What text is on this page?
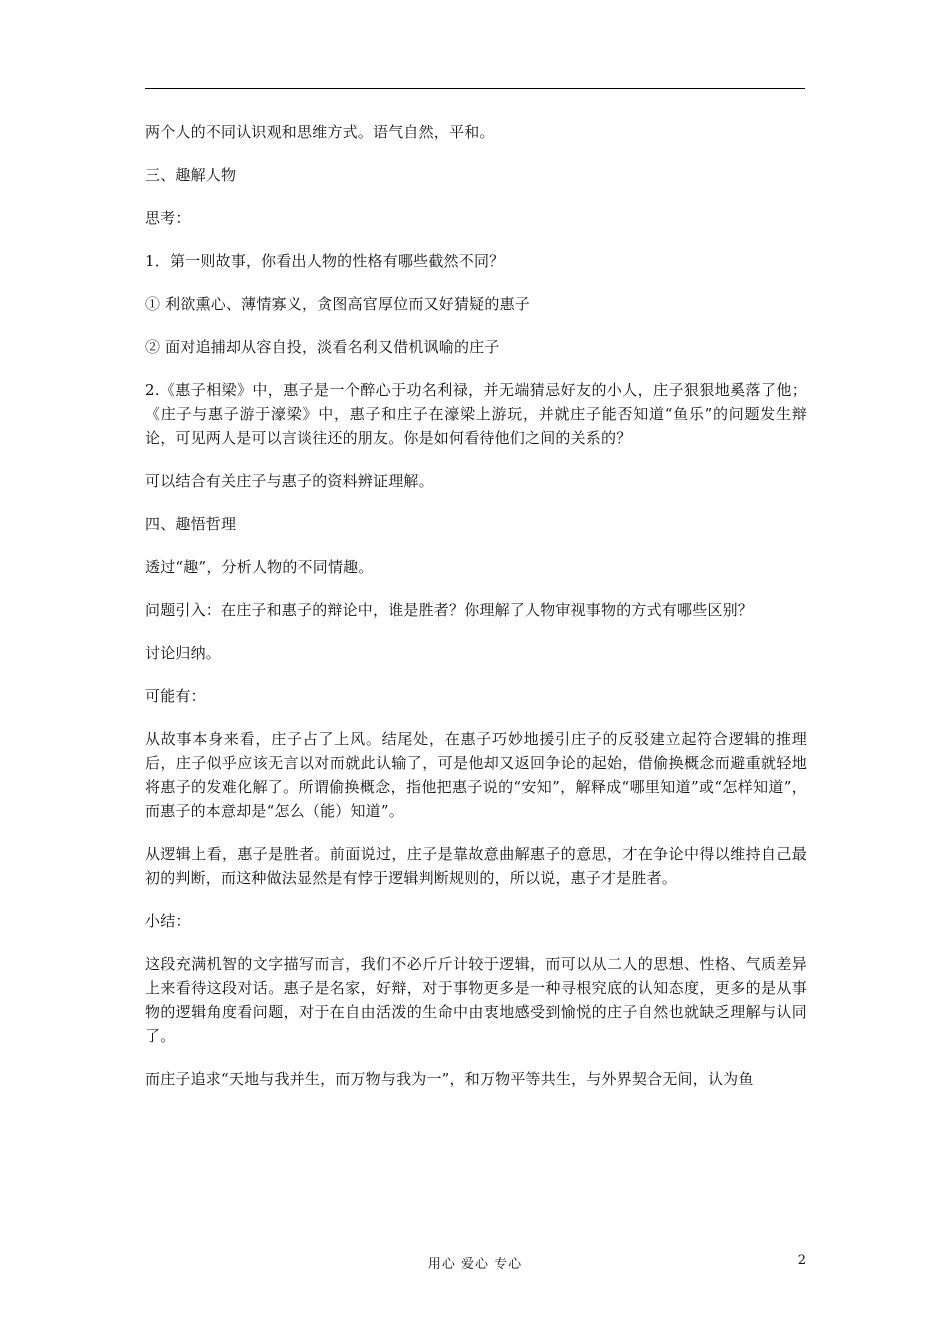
两个人的不同认识观和思维方式。语气自然，平和。

三、趣解人物

思考：

1．第一则故事，你看出人物的性格有哪些截然不同？

① 利欲熏心、薄情寡义，贪图高官厚位而又好猜疑的惠子

② 面对追捕却从容自投，淡看名利又借机讽喻的庄子

2.《惠子相梁》中，惠子是一个醉心于功名利禄，并无端猜忌好友的小人，庄子狠狠地奚落了他；《庄子与惠子游于濠梁》中，惠子和庄子在濠梁上游玩，并就庄子能否知道“鱼乐”的问题发生辩论，可见两人是可以言谈往还的朋友。你是如何看待他们之间的关系的？

可以结合有关庄子与惠子的资料辨证理解。

四、趣悟哲理

透过“趣”，分析人物的不同情趣。

问题引入：在庄子和惠子的辩论中，谁是胜者？你理解了人物审视事物的方式有哪些区别？

讨论归纳。

可能有：

从故事本身来看，庄子占了上风。结尾处，在惠子巧妙地援引庄子的反驳建立起符合逻辑的推理后，庄子似乎应该无言以对而就此认输了，可是他却又返回争论的起始，借偷换概念而避重就轻地将惠子的发难化解了。所谓偷换概念，指他把惠子说的“安知”，解释成“哪里知道”或“怎样知道”，而惠子的本意却是“怎么（能）知道”。

从逻辑上看，惠子是胜者。前面说过，庄子是靠故意曲解惠子的意思，才在争论中得以维持自己最初的判断，而这种做法显然是有悖于逻辑判断规则的，所以说，惠子才是胜者。

小结：

这段充满机智的文字描写而言，我们不必斤斤计较于逻辑，而可以从二人的思想、性格、气质差异上来看待这段对话。惠子是名家，好辩，对于事物更多是一种寻根究底的认知态度，更多的是从事物的逻辑角度看问题，对于在自由活泼的生命中由衷地感受到愉悦的庄子自然也就缺乏理解与认同了。

而庄子追求“天地与我并生，而万物与我为一”，和万物平等共生，与外界契合无间，认为鱼

用心 爱心 专心	2
